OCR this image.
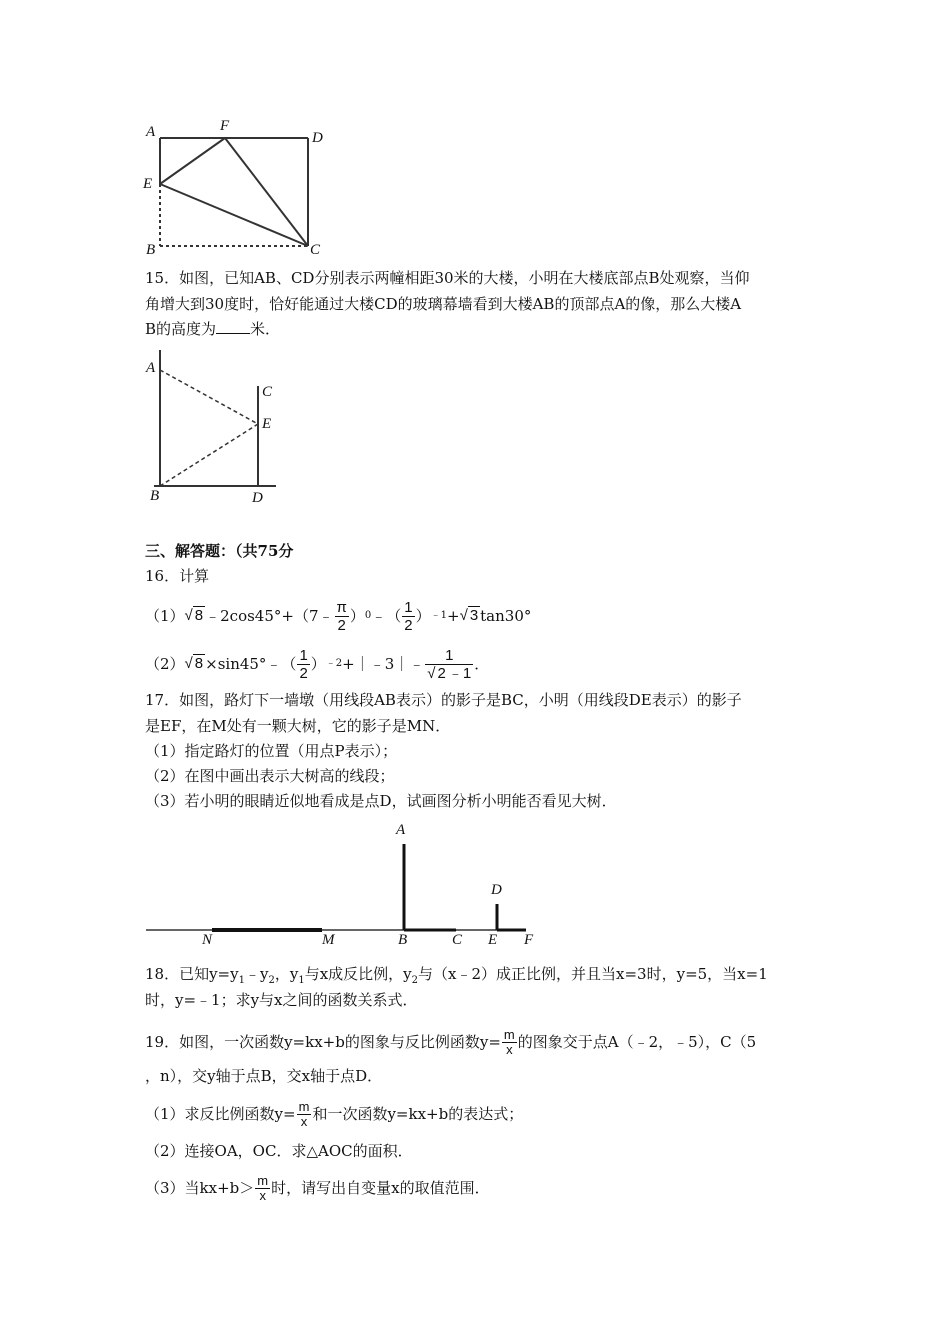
A	F
D
E
B	C
15．如图，已知AB、CD分别表示两幢相距30米的大楼，小明在大楼底部点B处观察，当仰
角增大到30度时，恰好能通过大楼CD的玻璃幕墙看到大楼AB的顶部点A的像，那么大楼A
B的高度为 米．
A
C
E
B	D
三、解答题：（共75分
16．计算
（1） √ 8 ﹣2cos45°+（7﹣ $\frac{\pi}{2}$ ） 0 ﹣（ $\frac{1}{2}$ ） ﹣1 + √ 3 tan30°
（2） √ 8 ×sin45°﹣（ $\frac{1}{2}$ ） ﹣2 +｜﹣3｜﹣ $\frac{1}{√ 2 ﹣1}$ ．
17．如图，路灯下一墙墩（用线段AB表示）的影子是BC，小明（用线段DE表示）的影子
是EF，在M处有一颗大树，它的影子是MN．
（1）指定路灯的位置（用点P表示）；
（2）在图中画出表示大树高的线段；
（3）若小明的眼睛近似地看成是点D，试画图分析小明能否看见大树．
A
D
N	M	B	C E F
18．已知$y=y_1﹣y_2$，$y_1$与x成反比例，$y_2$与（x﹣2）成正比例，并且当x=3时，y=5，当x=1
时，y=﹣1；求y与x之间的函数关系式．
19．如图，一次函数y=kx+b的图象与反比例函数$y= \frac{m}{x}$ 的图象交于点A（﹣2，﹣5），C（5
，n），交y轴于点B，交x轴于点D．
（1）求反比例函数$y= \frac{m}{x}$ 和一次函数y=kx+b的表达式；
（2）连接OA，OC．求△AOC的面积．
（3）当$kx+b> \frac{m}{x}$ 时，请写出自变量x的取值范围．
